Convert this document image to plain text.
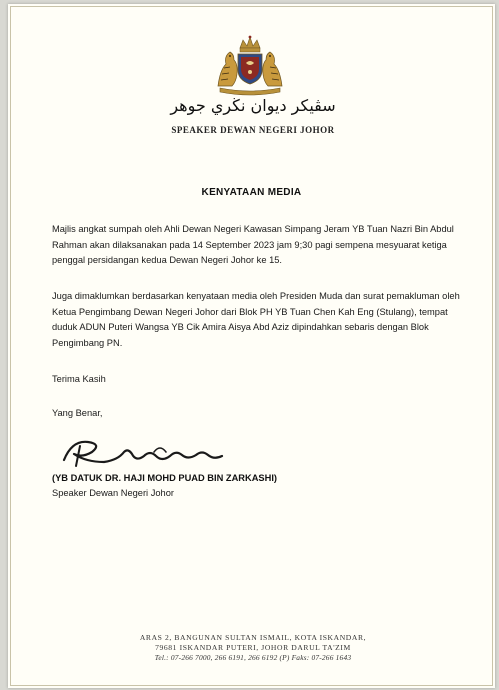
سڤيكر ديوان نڬري جوهر
SPEAKER DEWAN NEGERI JOHOR
KENYATAAN MEDIA

Majlis angkat sumpah oleh Ahli Dewan Negeri Kawasan Simpang Jeram YB Tuan Nazri Bin Abdul Rahman akan dilaksanakan pada 14 September 2023 jam 9;30 pagi sempena mesyuarat ketiga penggal persidangan kedua Dewan Negeri Johor ke 15.

Juga dimaklumkan berdasarkan kenyataan media oleh Presiden Muda dan surat pemakluman oleh Ketua Pengimbang Dewan Negeri Johor dari Blok PH YB Tuan Chen Kah Eng (Stulang), tempat duduk ADUN Puteri Wangsa YB Cik Amira Aisya Abd Aziz dipindahkan sebaris dengan Blok Pengimbang PN.

Terima Kasih
Yang Benar,
(YB DATUK DR. HAJI MOHD PUAD BIN ZARKASHI)
Speaker Dewan Negeri Johor
ARAS 2, BANGUNAN SULTAN ISMAIL, KOTA ISKANDAR,
79681 ISKANDAR PUTERI, JOHOR DARUL TA'ZIM
Tel.: 07-266 7000, 266 6191, 266 6192 (P) Faks: 07-266 1643
